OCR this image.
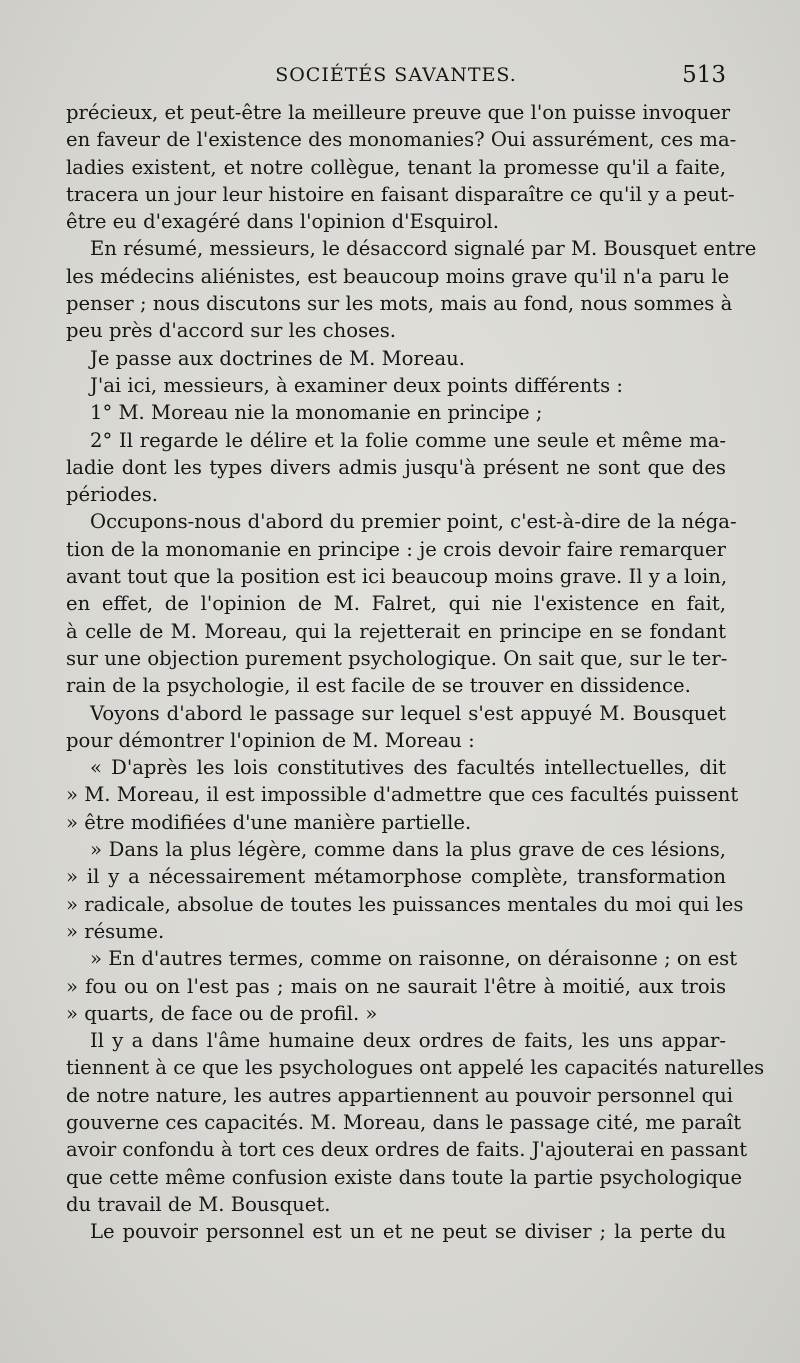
SOCIÉTÉS SAVANTES.	513
précieux, et peut-être la meilleure preuve que l'on puisse invoquer
en faveur de l'existence des monomanies? Oui assurément, ces ma-
ladies existent, et notre collègue, tenant la promesse qu'il a faite,
tracera un jour leur histoire en faisant disparaître ce qu'il y a peut-
être eu d'exagéré dans l'opinion d'Esquirol.
En résumé, messieurs, le désaccord signalé par M. Bousquet entre
les médecins aliénistes, est beaucoup moins grave qu'il n'a paru le
penser ; nous discutons sur les mots, mais au fond, nous sommes à
peu près d'accord sur les choses.
Je passe aux doctrines de M. Moreau.
J'ai ici, messieurs, à examiner deux points différents :
1° M. Moreau nie la monomanie en principe ;
2° Il regarde le délire et la folie comme une seule et même ma-
ladie dont les types divers admis jusqu'à présent ne sont que des
périodes.
Occupons-nous d'abord du premier point, c'est-à-dire de la néga-
tion de la monomanie en principe : je crois devoir faire remarquer
avant tout que la position est ici beaucoup moins grave. Il y a loin,
en effet, de l'opinion de M. Falret, qui nie l'existence en fait,
à celle de M. Moreau, qui la rejetterait en principe en se fondant
sur une objection purement psychologique. On sait que, sur le ter-
rain de la psychologie, il est facile de se trouver en dissidence.
Voyons d'abord le passage sur lequel s'est appuyé M. Bousquet
pour démontrer l'opinion de M. Moreau :
« D'après les lois constitutives des facultés intellectuelles, dit
» M. Moreau, il est impossible d'admettre que ces facultés puissent
» être modifiées d'une manière partielle.
» Dans la plus légère, comme dans la plus grave de ces lésions,
» il y a nécessairement métamorphose complète, transformation
» radicale, absolue de toutes les puissances mentales du moi qui les
» résume.
» En d'autres termes, comme on raisonne, on déraisonne ; on est
» fou ou on l'est pas ; mais on ne saurait l'être à moitié, aux trois
» quarts, de face ou de profil. »
Il y a dans l'âme humaine deux ordres de faits, les uns appar-
tiennent à ce que les psychologues ont appelé les capacités naturelles
de notre nature, les autres appartiennent au pouvoir personnel qui
gouverne ces capacités. M. Moreau, dans le passage cité, me paraît
avoir confondu à tort ces deux ordres de faits. J'ajouterai en passant
que cette même confusion existe dans toute la partie psychologique
du travail de M. Bousquet.
Le pouvoir personnel est un et ne peut se diviser ; la perte du
